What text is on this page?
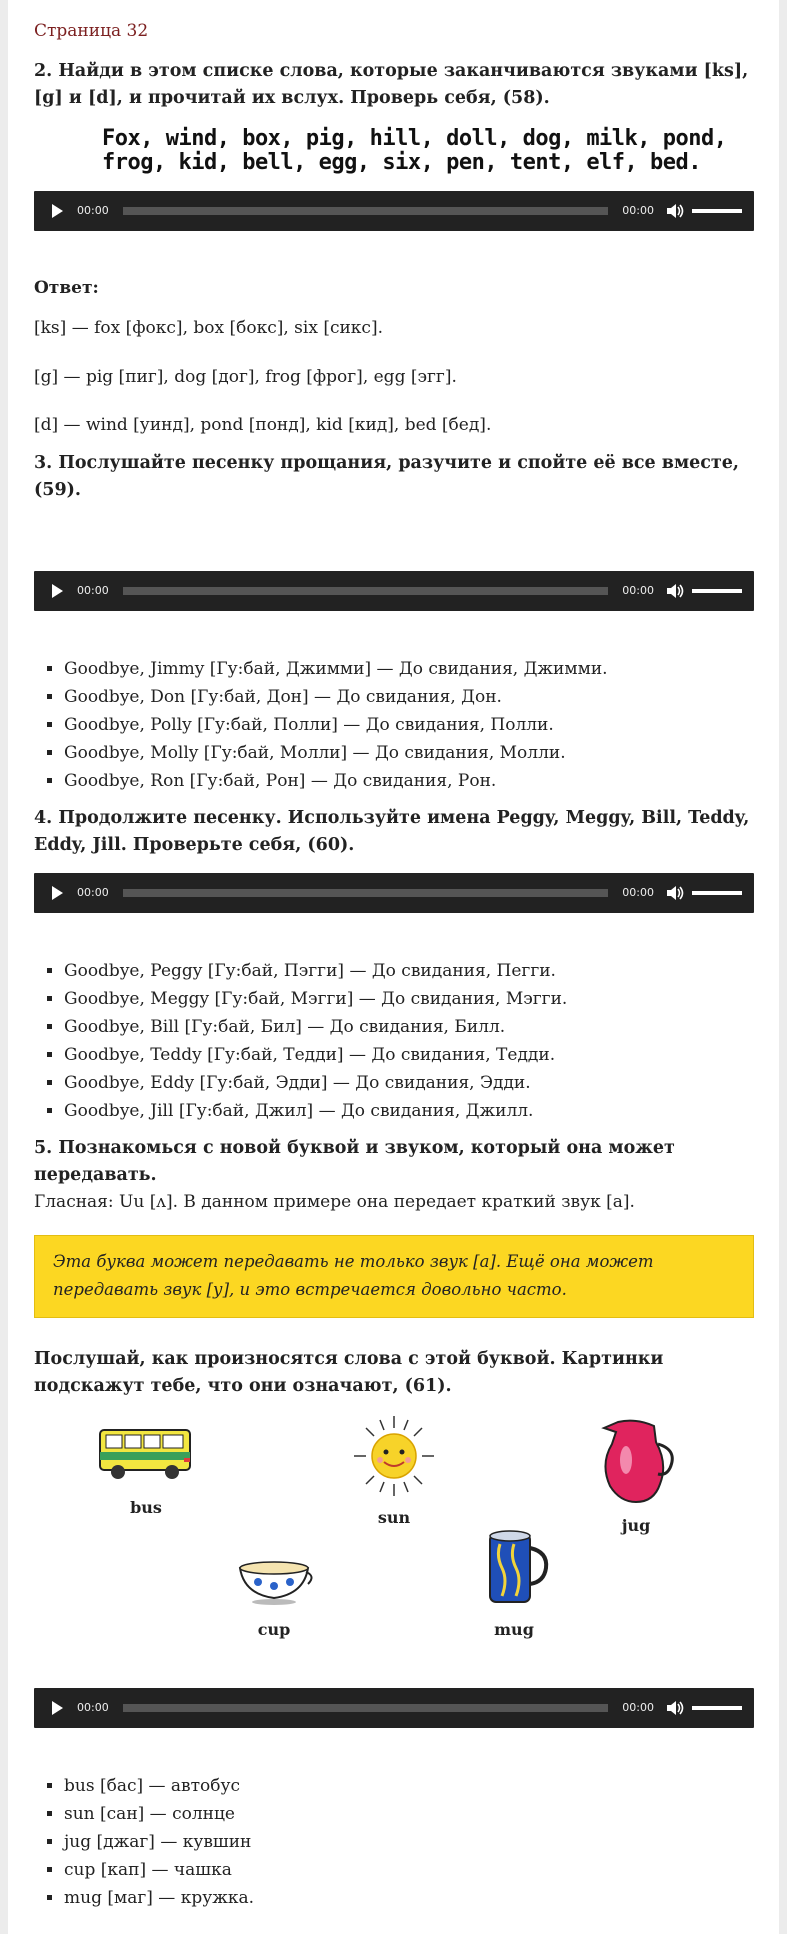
Страница 32
2. Найди в этом списке слова, которые заканчиваются звуками [ks], [g] и [d], и прочитай их вслух. Проверь себя, (58).
Fox, wind, box, pig, hill, doll, dog, milk, pond,
frog, kid, bell, egg, six, pen, tent, elf, bed.
00:00	00:00
Ответ:

[ks] — fox [фокс], box [бокс], six [сикс].

[g] — pig [пиг], dog [дог], frog [фрог], egg [эгг].

[d] — wind [уинд], pond [понд], kid [кид], bed [бед].

3. Послушайте песенку прощания, разучите и спойте её все вместе, (59).
00:00	00:00
▪ Goodbye, Jimmy [Гу:бай, Джимми] — До свидания, Джимми.
▪ Goodbye, Don [Гу:бай, Дон] — До свидания, Дон.
▪ Goodbye, Polly [Гу:бай, Полли] — До свидания, Полли.
▪ Goodbye, Molly [Гу:бай, Молли] — До свидания, Молли.
▪ Goodbye, Ron [Гу:бай, Рон] — До свидания, Рон.
4. Продолжите песенку. Используйте имена Peggy, Meggy, Bill, Teddy, Eddy, Jill. Проверьте себя, (60).
00:00	00:00
▪ Goodbye, Peggy [Гу:бай, Пэгги] — До свидания, Пегги.
▪ Goodbye, Meggy [Гу:бай, Мэгги] — До свидания, Мэгги.
▪ Goodbye, Bill [Гу:бай, Бил] — До свидания, Билл.
▪ Goodbye, Teddy [Гу:бай, Тедди] — До свидания, Тедди.
▪ Goodbye, Eddy [Гу:бай, Эдди] — До свидания, Эдди.
▪ Goodbye, Jill [Гу:бай, Джил] — До свидания, Джилл.
5. Познакомься с новой буквой и звуком, который она может передавать.
Гласная: Uu [ʌ]. В данном примере она передает краткий звук [а].
Эта буква может передавать не только звук [а]. Ещё она может передавать звук [у], и это встречается довольно часто.
Послушай, как произносятся слова с этой буквой. Картинки подскажут тебе, что они означают, (61).
bus
sun	jug
cup	mug
00:00	00:00
▪ bus [бас] — автобус
▪ sun [сан] — солнце
▪ jug [джаг] — кувшин
▪ cup [кап] — чашка
▪ mug [маг] — кружка.
